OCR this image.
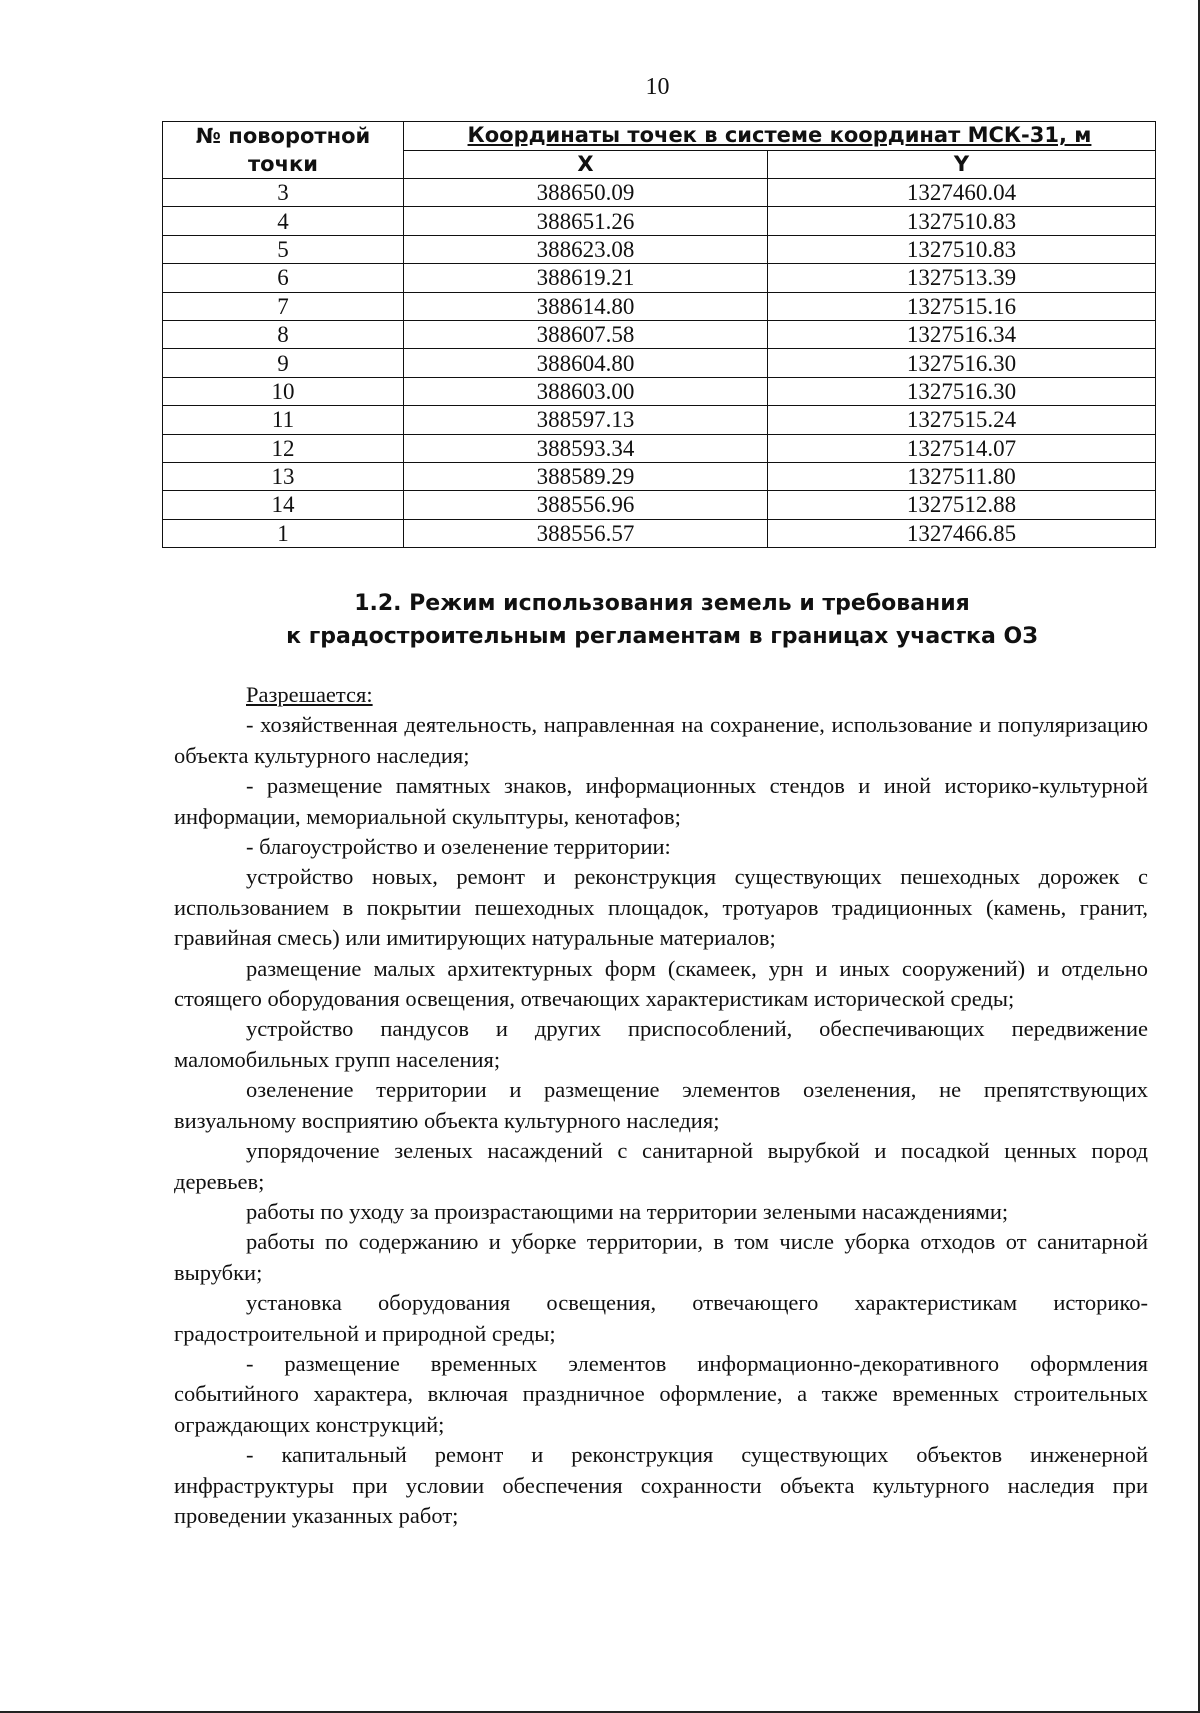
10
№ поворотной точки	Координаты точек в системе координат МСК-31, м	
	X	Y
3	388650.09	1327460.04
4	388651.26	1327510.83
5	388623.08	1327510.83
6	388619.21	1327513.39
7	388614.80	1327515.16
8	388607.58	1327516.34
9	388604.80	1327516.30
10	388603.00	1327516.30
11	388597.13	1327515.24
12	388593.34	1327514.07
13	388589.29	1327511.80
14	388556.96	1327512.88
1	388556.57	1327466.85
1.2. Режим использования земель и требования
к градостроительным регламентам в границах участка ОЗ

Разрешается:

- хозяйственная деятельность, направленная на сохранение, использование и популяризацию объекта культурного наследия;

- размещение памятных знаков, информационных стендов и иной историко-культурной информации, мемориальной скульптуры, кенотафов;

- благоустройство и озеленение территории:

устройство новых, ремонт и реконструкция существующих пешеходных дорожек с использованием в покрытии пешеходных площадок, тротуаров традиционных (камень, гранит, гравийная смесь) или имитирующих натуральные материалов;

размещение малых архитектурных форм (скамеек, урн и иных сооружений) и отдельно стоящего оборудования освещения, отвечающих характеристикам исторической среды;

устройство пандусов и других приспособлений, обеспечивающих передвижение маломобильных групп населения;

озеленение территории и размещение элементов озеленения, не препятствующих визуальному восприятию объекта культурного наследия;

упорядочение зеленых насаждений с санитарной вырубкой и посадкой ценных пород деревьев;

работы по уходу за произрастающими на территории зелеными насаждениями;

работы по содержанию и уборке территории, в том числе уборка отходов от санитарной вырубки;

установка оборудования освещения, отвечающего характеристикам историко-градостроительной и природной среды;

- размещение временных элементов информационно-декоративного оформления событийного характера, включая праздничное оформление, а также временных строительных ограждающих конструкций;

- капитальный ремонт и реконструкция существующих объектов инженерной инфраструктуры при условии обеспечения сохранности объекта культурного наследия при проведении указанных работ;
